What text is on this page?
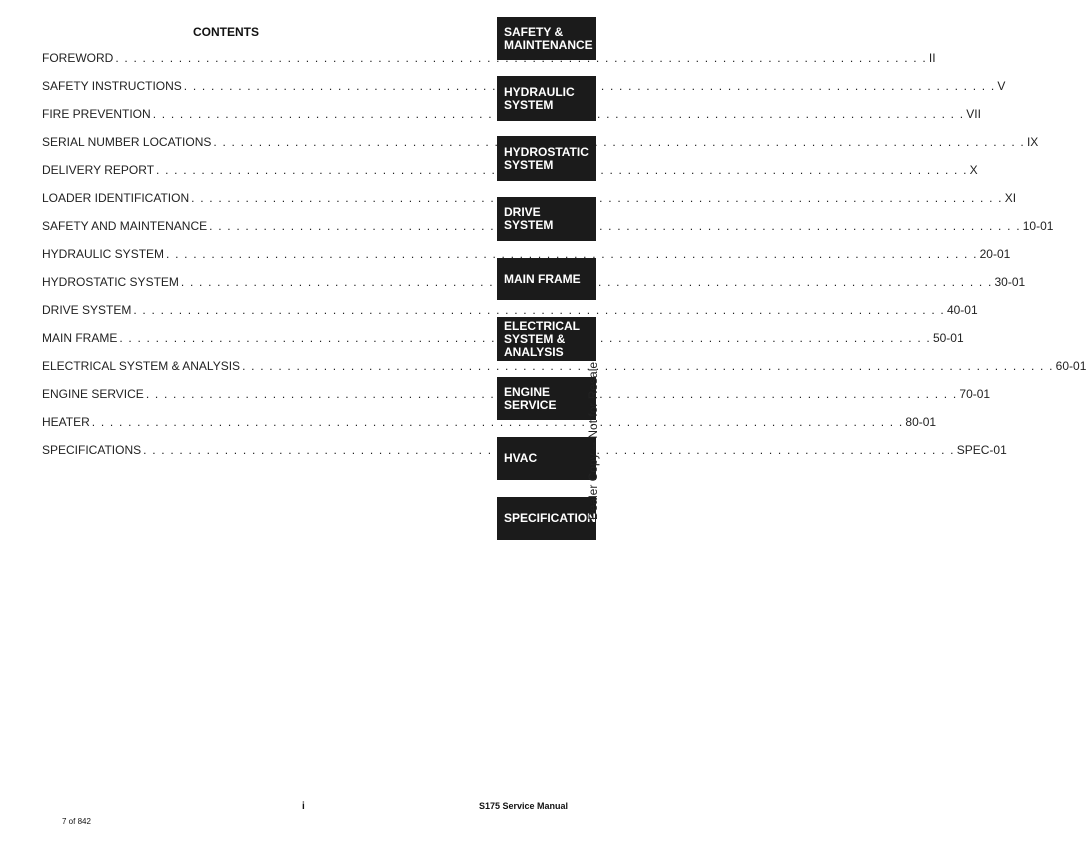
CONTENTS
FOREWORD . . .	II
SAFETY INSTRUCTIONS . . .	V
FIRE PREVENTION . . .	VII
SERIAL NUMBER LOCATIONS . . .	IX
DELIVERY REPORT . . .	X
LOADER IDENTIFICATION . . .	XI
SAFETY AND MAINTENANCE . . .	10-01
HYDRAULIC SYSTEM . . .	20-01
HYDROSTATIC SYSTEM . . .	30-01
DRIVE SYSTEM . . .	40-01
MAIN FRAME . . .	50-01
ELECTRICAL SYSTEM & ANALYSIS . . .	60-01
ENGINE SERVICE . . .	70-01
HEATER . . .	80-01
SPECIFICATIONS . . .	SPEC-01
SAFETY &
MAINTENANCE
HYDRAULIC
SYSTEM
HYDROSTATIC
SYSTEM
DRIVE
SYSTEM
MAIN FRAME
ELECTRICAL
SYSTEM &
ANALYSIS
ENGINE
SERVICE
HVAC
SPECIFICATIONS
Dealer Copy -- Not for Resale
i	S175 Service Manual
7 of 842
